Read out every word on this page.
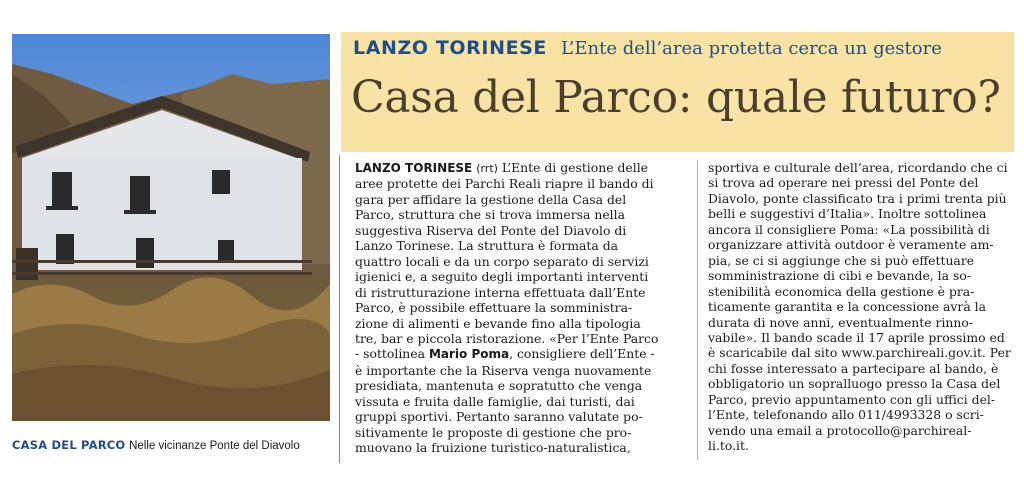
CASA DEL PARCO Nelle vicinanze Ponte del Diavolo
LANZO TORINESE L’Ente dell’area protetta cerca un gestore
Casa del Parco: quale futuro?

LANZO TORINESE (rrt) L’Ente di gestione delle

aree protette dei Parchi Reali riapre il bando di

gara per affidare la gestione della Casa del

Parco, struttura che si trova immersa nella

suggestiva Riserva del Ponte del Diavolo di

Lanzo Torinese. La struttura è formata da

quattro locali e da un corpo separato di servizi

igienici e, a seguito degli importanti interventi

di ristrutturazione interna effettuata dall’Ente

Parco, è possibile effettuare la somministra-

zione di alimenti e bevande fino alla tipologia

tre, bar e piccola ristorazione. «Per l’Ente Parco

- sottolinea Mario Poma, consigliere dell’Ente -

è importante che la Riserva venga nuovamente

presidiata, mantenuta e sopratutto che venga

vissuta e fruita dalle famiglie, dai turisti, dai

gruppi sportivi. Pertanto saranno valutate po-

sitivamente le proposte di gestione che pro-

muovano la fruizione turistico-naturalistica,

sportiva e culturale dell’area, ricordando che ci

si trova ad operare nei pressi del Ponte del

Diavolo, ponte classificato tra i primi trenta più

belli e suggestivi d’Italia». Inoltre sottolinea

ancora il consigliere Poma: «La possibilità di

organizzare attività outdoor è veramente am-

pia, se ci si aggiunge che si può effettuare

somministrazione di cibi e bevande, la so-

stenibilità economica della gestione è pra-

ticamente garantita e la concessione avrà la

durata di nove anni, eventualmente rinno-

vabile». Il bando scade il 17 aprile prossimo ed

è scaricabile dal sito www.parchireali.gov.it. Per

chi fosse interessato a partecipare al bando, è

obbligatorio un sopralluogo presso la Casa del

Parco, previo appuntamento con gli uffici del-

l’Ente, telefonando allo 011/4993328 o scri-

vendo una email a protocollo@parchireal-

li.to.it.
